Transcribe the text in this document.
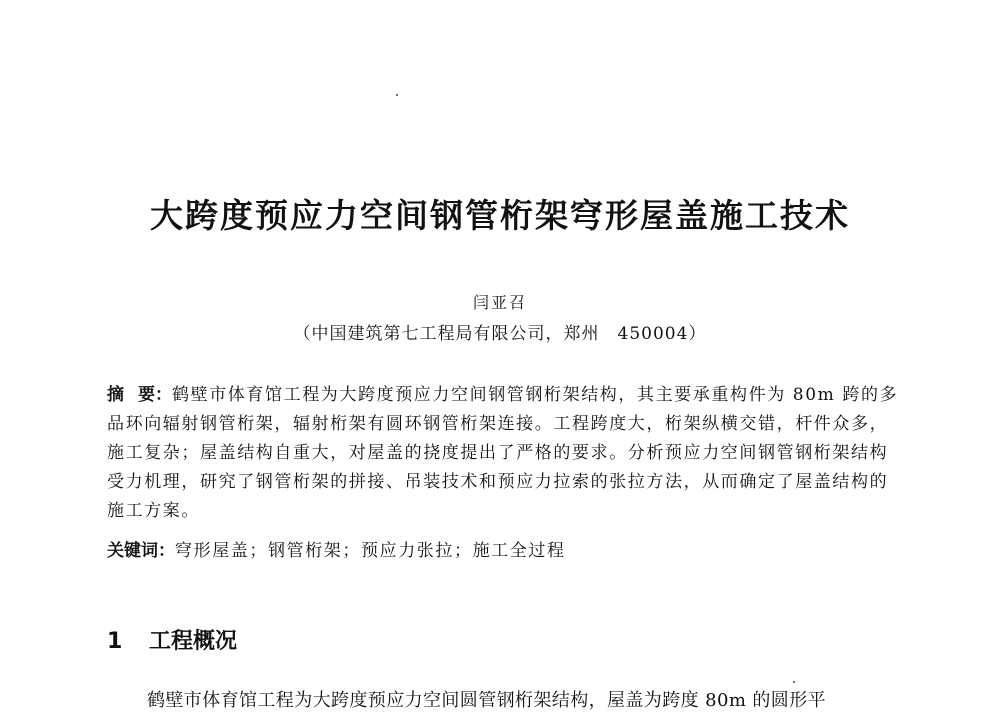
大跨度预应力空间钢管桁架穹形屋盖施工技术

闫亚召

（中国建筑第七工程局有限公司，郑州　450004）

摘 要：鹤壁市体育馆工程为大跨度预应力空间钢管钢桁架结构，其主要承重构件为 80m 跨的多品环向辐射钢管桁架，辐射桁架有圆环钢管桁架连接。工程跨度大，桁架纵横交错，杆件众多，施工复杂；屋盖结构自重大，对屋盖的挠度提出了严格的要求。分析预应力空间钢管钢桁架结构受力机理，研究了钢管桁架的拼接、吊装技术和预应力拉索的张拉方法，从而确定了屋盖结构的施工方案。

关键词：穹形屋盖；钢管桁架；预应力张拉；施工全过程

1 工程概况

鹤壁市体育馆工程为大跨度预应力空间圆管钢桁架结构，屋盖为跨度 80m 的圆形平
